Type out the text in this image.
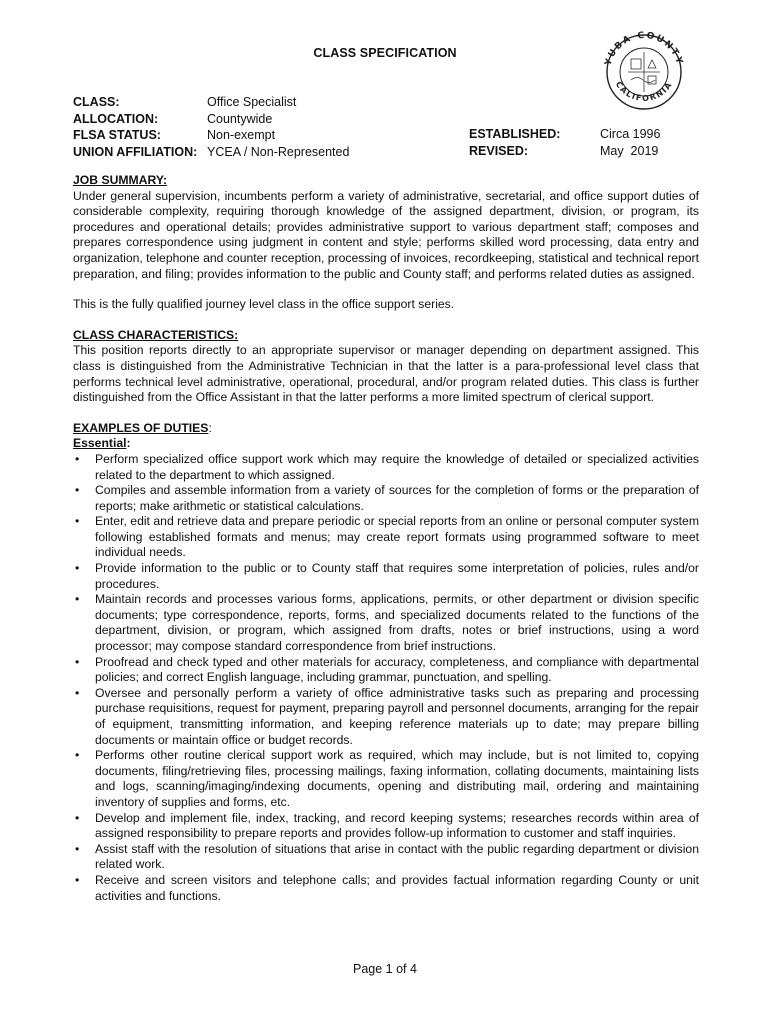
CLASS SPECIFICATION
YUBA COUNTY
CALIFORNIA
CLASS:
ALLOCATION:
FLSA STATUS:
UNION AFFILIATION:
Office Specialist
Countywide
Non-exempt
YCEA / Non-Represented
ESTABLISHED:
REVISED:
Circa 1996
May  2019
JOB SUMMARY:

Under general supervision, incumbents perform a variety of administrative, secretarial, and office support duties of considerable complexity, requiring thorough knowledge of the assigned department, division, or program, its procedures and operational details; provides administrative support to various department staff; composes and prepares correspondence using judgment in content and style; performs skilled word processing, data entry and organization, telephone and counter reception, processing of invoices, recordkeeping, statistical and technical report preparation, and filing; provides information to the public and County staff; and performs related duties as assigned.

This is the fully qualified journey level class in the office support series.

CLASS CHARACTERISTICS:

This position reports directly to an appropriate supervisor or manager depending on department assigned. This class is distinguished from the Administrative Technician in that the latter is a para-professional level class that performs technical level administrative, operational, procedural, and/or program related duties. This class is further distinguished from the Office Assistant in that the latter performs a more limited spectrum of clerical support.

EXAMPLES OF DUTIES:
Essential:
• Perform specialized office support work which may require the knowledge of detailed or specialized activities related to the department to which assigned.
• Compiles and assemble information from a variety of sources for the completion of forms or the preparation of reports; make arithmetic or statistical calculations.
• Enter, edit and retrieve data and prepare periodic or special reports from an online or personal computer system following established formats and menus; may create report formats using programmed software to meet individual needs.
• Provide information to the public or to County staff that requires some interpretation of policies, rules and/or procedures.
• Maintain records and processes various forms, applications, permits, or other department or division specific documents; type correspondence, reports, forms, and specialized documents related to the functions of the department, division, or program, which assigned from drafts, notes or brief instructions, using a word processor; may compose standard correspondence from brief instructions.
• Proofread and check typed and other materials for accuracy, completeness, and compliance with departmental policies; and correct English language, including grammar, punctuation, and spelling.
• Oversee and personally perform a variety of office administrative tasks such as preparing and processing purchase requisitions, request for payment, preparing payroll and personnel documents, arranging for the repair of equipment, transmitting information, and keeping reference materials up to date; may prepare billing documents or maintain office or budget records.
• Performs other routine clerical support work as required, which may include, but is not limited to, copying documents, filing/retrieving files, processing mailings, faxing information, collating documents, maintaining lists and logs, scanning/imaging/indexing documents, opening and distributing mail, ordering and maintaining inventory of supplies and forms, etc.
• Develop and implement file, index, tracking, and record keeping systems; researches records within area of assigned responsibility to prepare reports and provides follow-up information to customer and staff inquiries.
• Assist staff with the resolution of situations that arise in contact with the public regarding department or division related work.
• Receive and screen visitors and telephone calls; and provides factual information regarding County or unit activities and functions.
Page 1 of 4
